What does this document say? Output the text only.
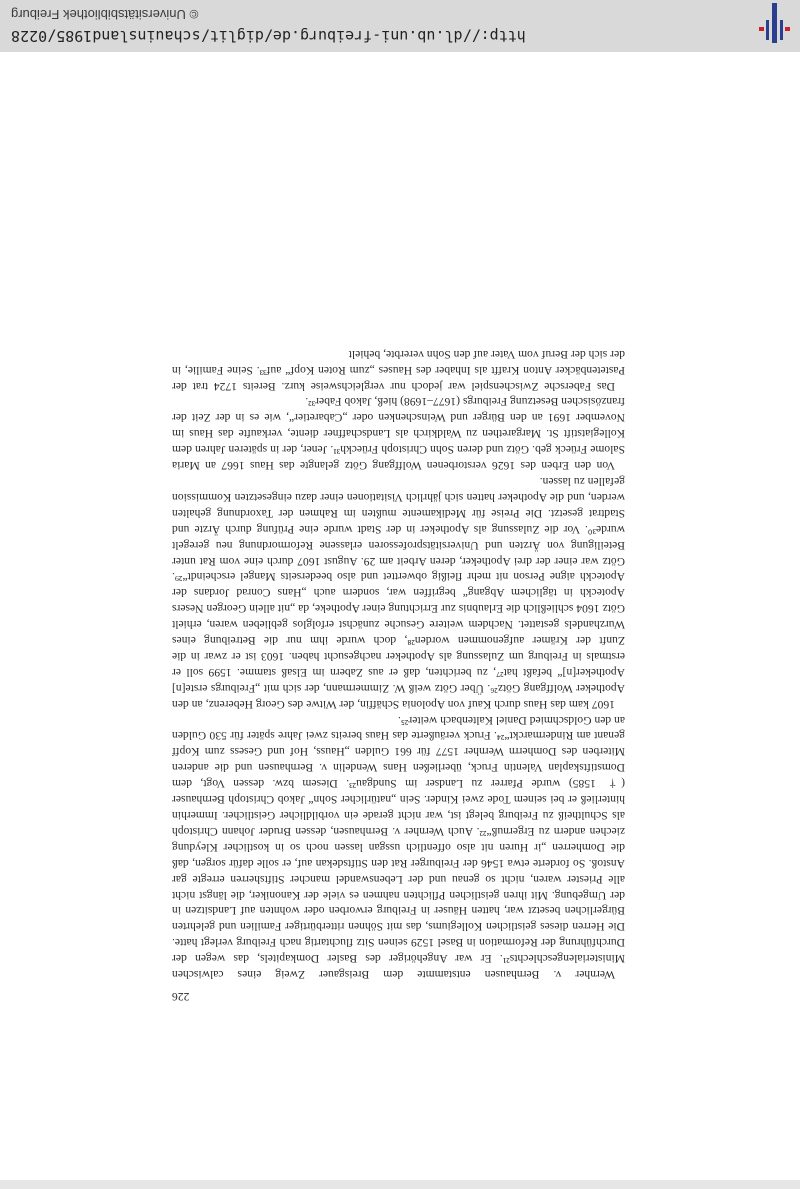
226

Wernher v. Bernhausen entstammte dem Breisgauer Zweig eines calwischen Ministerialengeschlechts²¹. Er war Angehöriger des Basler Domkapitels, das wegen der Durchführung der Reformation in Basel 1529 seinen Sitz fluchtartig nach Freiburg verlegt hatte. Die Herren dieses geistlichen Kollegiums, das mit Söhnen ritterbürtiger Familien und gelehrten Bürgerlichen besetzt war, hatten Häuser in Freiburg erworben oder wohnten auf Landsitzen in der Umgebung. Mit ihren geistlichen Pflichten nahmen es viele der Kanoniker, die längst nicht alle Priester waren, nicht so genau und der Lebenswandel mancher Stiftsherren erregte gar Anstoß. So forderte etwa 1546 der Freiburger Rat den Stiftsdekan auf, er solle dafür sorgen, daß die Domherren „ir Huren nit also offentlich ussgan lassen noch so in kostlicher Kleydung ziechen andern zu Ergernuß“²². Auch Wernher v. Bernhausen, dessen Bruder Johann Christoph als Schultheiß zu Freiburg belegt ist, war nicht gerade ein vorbildlicher Geistlicher. Immerhin hinterließ er bei seinem Tode zwei Kinder. Sein „natürlicher Sohn“ Jakob Christoph Bernhauser († 1585) wurde Pfarrer zu Landser im Sundgau²³. Diesem bzw. dessen Vogt, dem Domstiftskaplan Valentin Fruck, überließen Hans Wendelin v. Bernhausen und die anderen Miterben des Domherrn Wernher 1577 für 661 Gulden „Hauss, Hof und Gesess zum Kopff genant am Rindermarckt“²⁴. Fruck veräußerte das Haus bereits zwei Jahre später für 530 Gulden an den Goldschmied Daniel Kaltenbach weiter²⁵.

1607 kam das Haus durch Kauf von Apolonia Schäffin, der Witwe des Georg Heberenz, an den Apotheker Wolffgang Götz²⁶. Über Götz weiß W. Zimmermann, der sich mit „Freiburgs erste[n] Apotheker[n]“ befaßt hat²⁷, zu berichten, daß er aus Zabern im Elsaß stamme. 1599 soll er erstmals in Freiburg um Zulassung als Apotheker nachgesucht haben. 1603 ist er zwar in die Zunft der Krämer aufgenommen worden²⁸, doch wurde ihm nur die Betreibung eines Wurzhandels gestattet. Nachdem weitere Gesuche zunächst erfolglos geblieben waren, erhielt Götz 1604 schließlich die Erlaubnis zur Errichtung einer Apotheke, da „nit allein Georgen Nesers Apoteckh in täglichem Abgang“ begriffen war, sondern auch „Hans Conrad Jordans der Apoteckh aigne Person nit mehr fleißig obwerttet und also beederseits Mangel erscheindt“²⁹. Götz war einer der drei Apotheker, deren Arbeit am 29. August 1607 durch eine vom Rat unter Beteiligung von Ärzten und Universitätsprofessoren erlassene Reformordnung neu geregelt wurde³⁰. Vor die Zulassung als Apotheker in der Stadt wurde eine Prüfung durch Ärzte und Stadtrat gesetzt. Die Preise für Medikamente mußten im Rahmen der Taxordnung gehalten werden, und die Apotheker hatten sich jährlich Visitationen einer dazu eingesetzten Kommission gefallen zu lassen.

Von den Erben des 1626 verstorbenen Wolffgang Götz gelangte das Haus 1667 an Maria Salome Früeck geb. Götz und deren Sohn Christoph Früeckh³¹. Jener, der in späteren Jahren dem Kollegiatstift St. Margarethen zu Waldkirch als Landschaffner diente, verkaufte das Haus im November 1691 an den Bürger und Weinschenken oder „Cabaretier“, wie es in der Zeit der französischen Besetzung Freiburgs (1677–1698) hieß, Jakob Faber³².

Das Fabersche Zwischenspiel war jedoch nur vergleichsweise kurz. Bereits 1724 trat der Pastetenbäcker Anton Krafft als Inhaber des Hauses „zum Roten Kopf“ auf³³. Seine Familie, in der sich der Beruf vom Vater auf den Sohn vererbte, behielt

© Universitätsbibliothek Freiburg
http://dl.ub.uni-freiburg.de/diglit/schauinsland1985/0228
